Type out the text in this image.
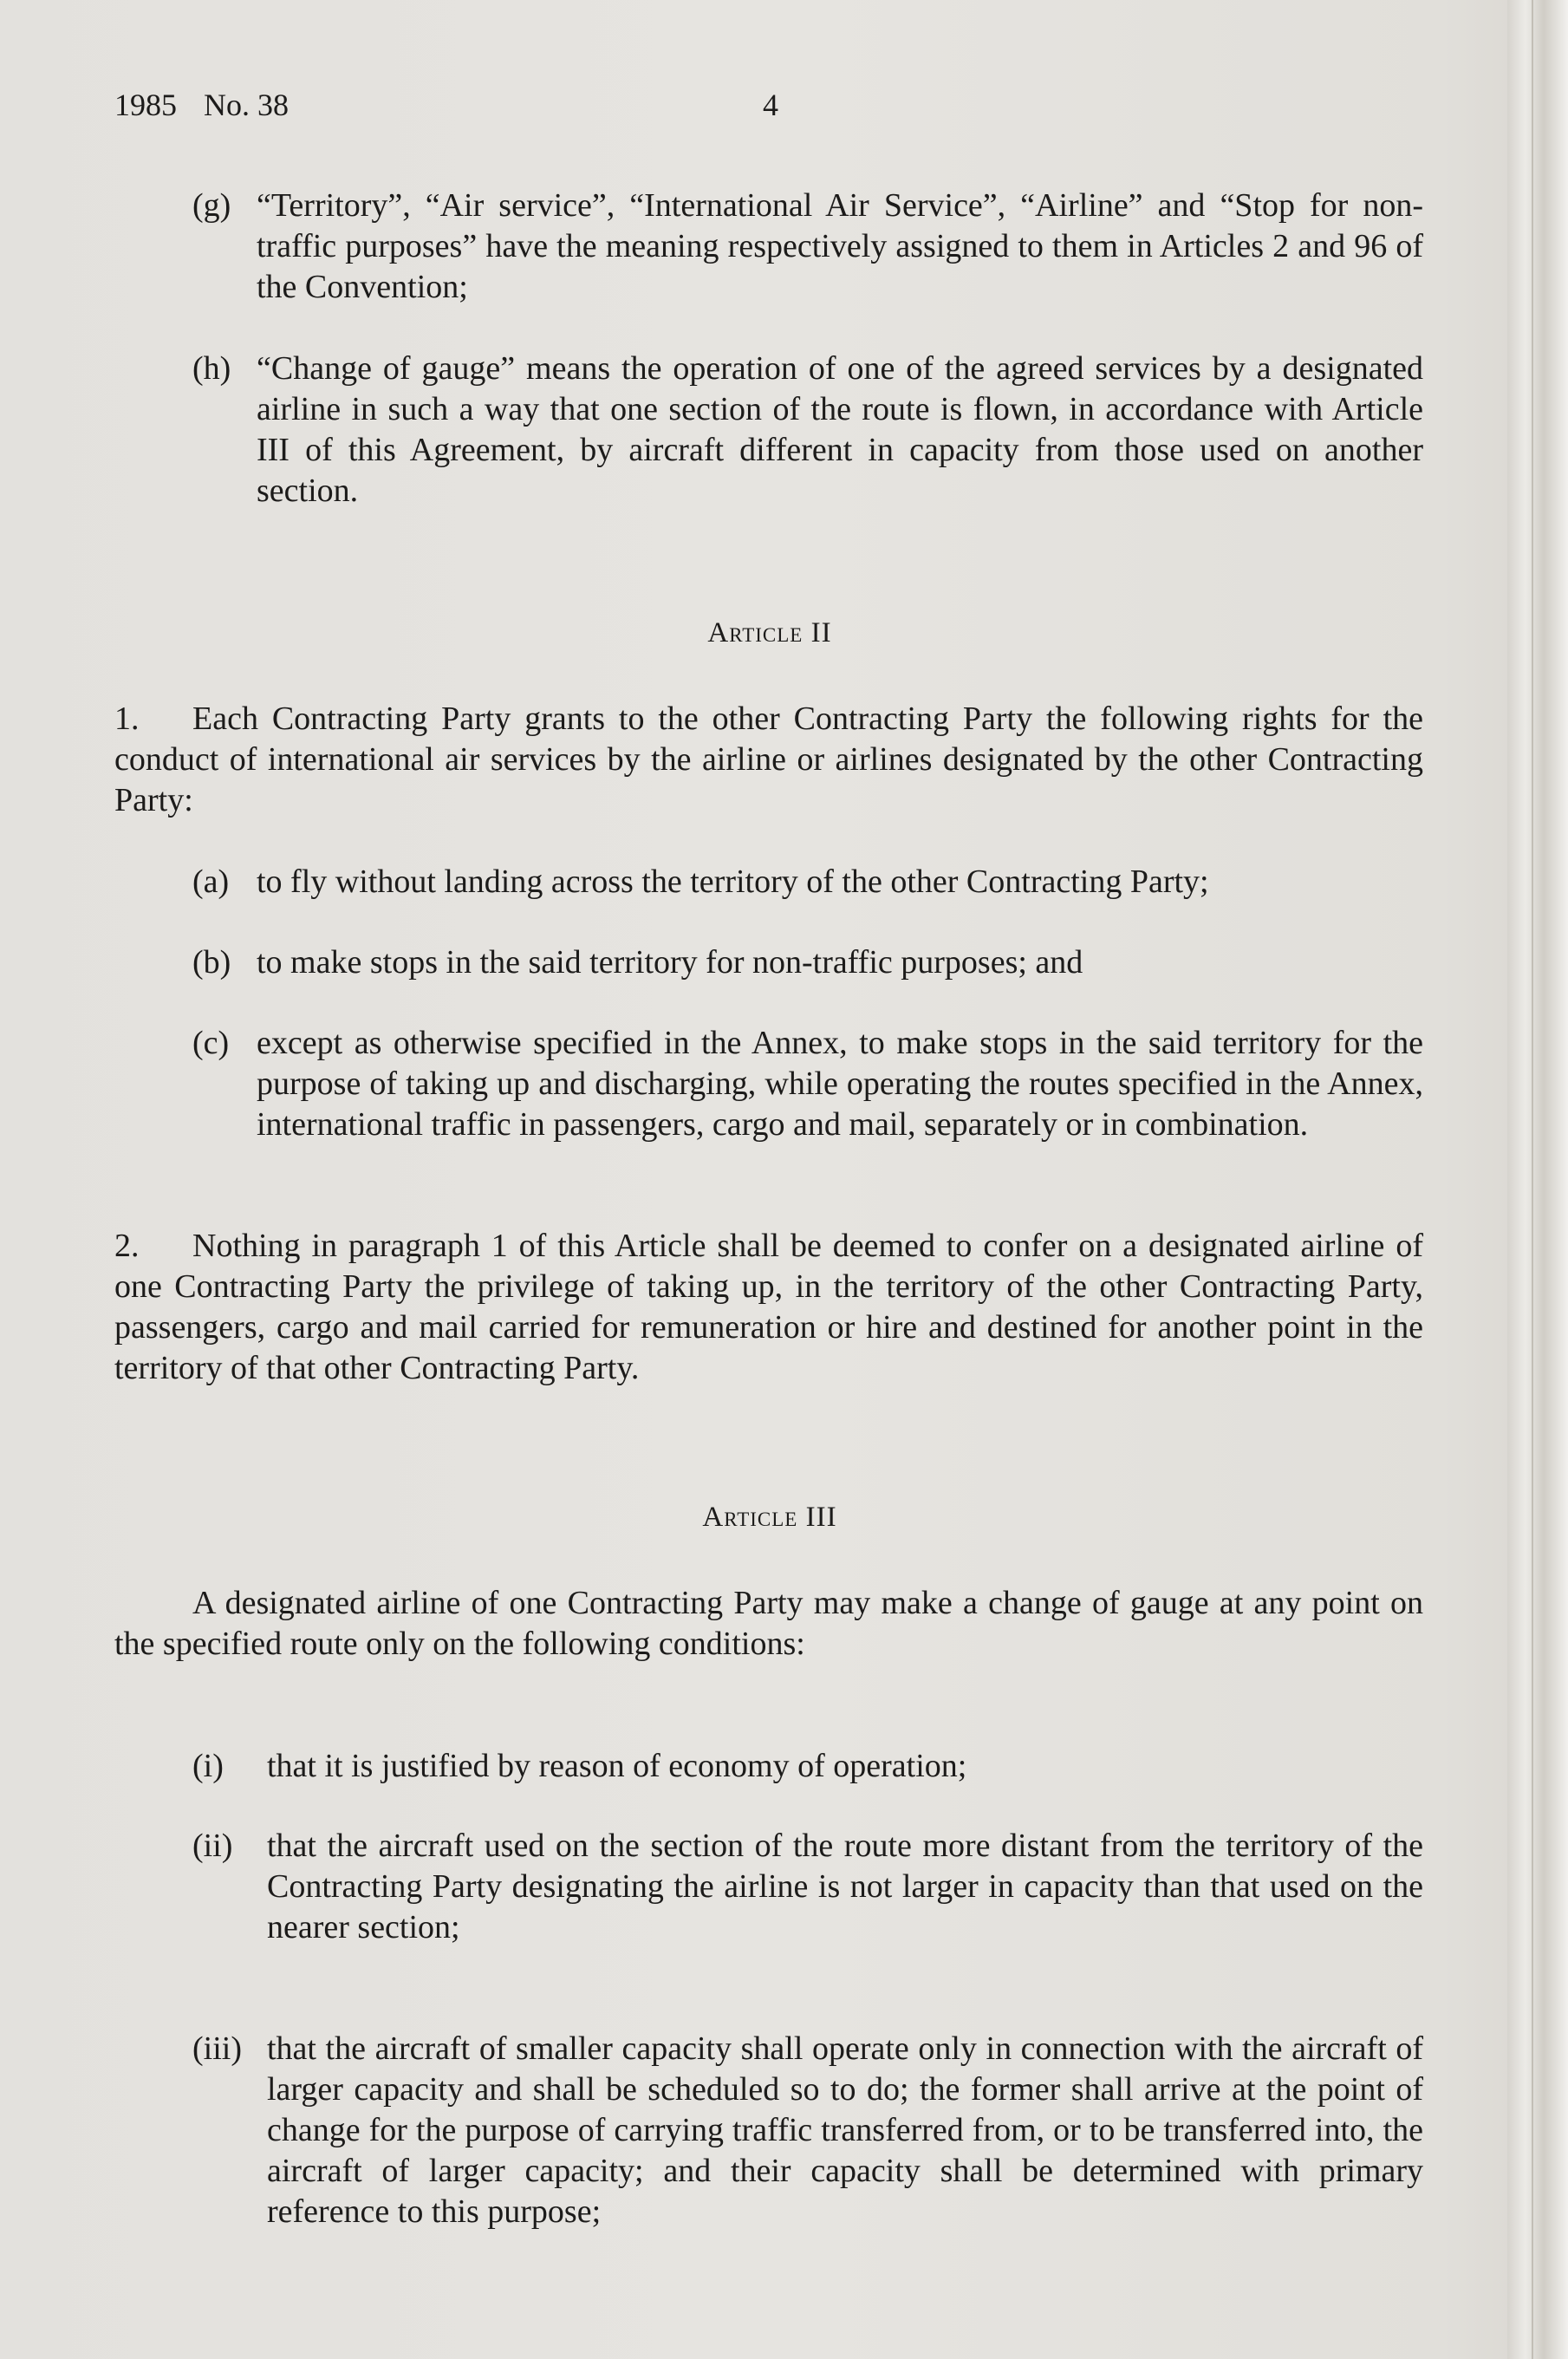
1985 No. 38	4
(g) “Territory”, “Air service”, “International Air Service”, “Airline” and “Stop for non-traffic purposes” have the meaning respectively assigned to them in Articles 2 and 96 of the Convention;
(h) “Change of gauge” means the operation of one of the agreed services by a designated airline in such a way that one section of the route is flown, in accordance with Article III of this Agreement, by aircraft different in capacity from those used on another section.
Article II
Each Contracting Party grants to the other Contracting Party the following rights for the conduct of international air services by the airline or airlines designated by the other Contracting Party:
1.
(a) to fly without landing across the territory of the other Contracting Party;
(b) to make stops in the said territory for non-traffic purposes; and
(c) except as otherwise specified in the Annex, to make stops in the said territory for the purpose of taking up and discharging, while operating the routes specified in the Annex, international traffic in passengers, cargo and mail, separately or in combination.
Nothing in paragraph 1 of this Article shall be deemed to confer on a designated airline of one Contracting Party the privilege of taking up, in the territory of the other Contracting Party, passengers, cargo and mail carried for remuneration or hire and destined for another point in the territory of that other Contracting Party.
2.
Article III
A designated airline of one Contracting Party may make a change of gauge at any point on the specified route only on the following conditions:
(i) that it is justified by reason of economy of operation;
(ii) that the aircraft used on the section of the route more distant from the territory of the Contracting Party designating the airline is not larger in capacity than that used on the nearer section;
(iii) that the aircraft of smaller capacity shall operate only in connection with the aircraft of larger capacity and shall be scheduled so to do; the former shall arrive at the point of change for the purpose of carrying traffic transferred from, or to be transferred into, the aircraft of larger capacity; and their capacity shall be determined with primary reference to this purpose;
